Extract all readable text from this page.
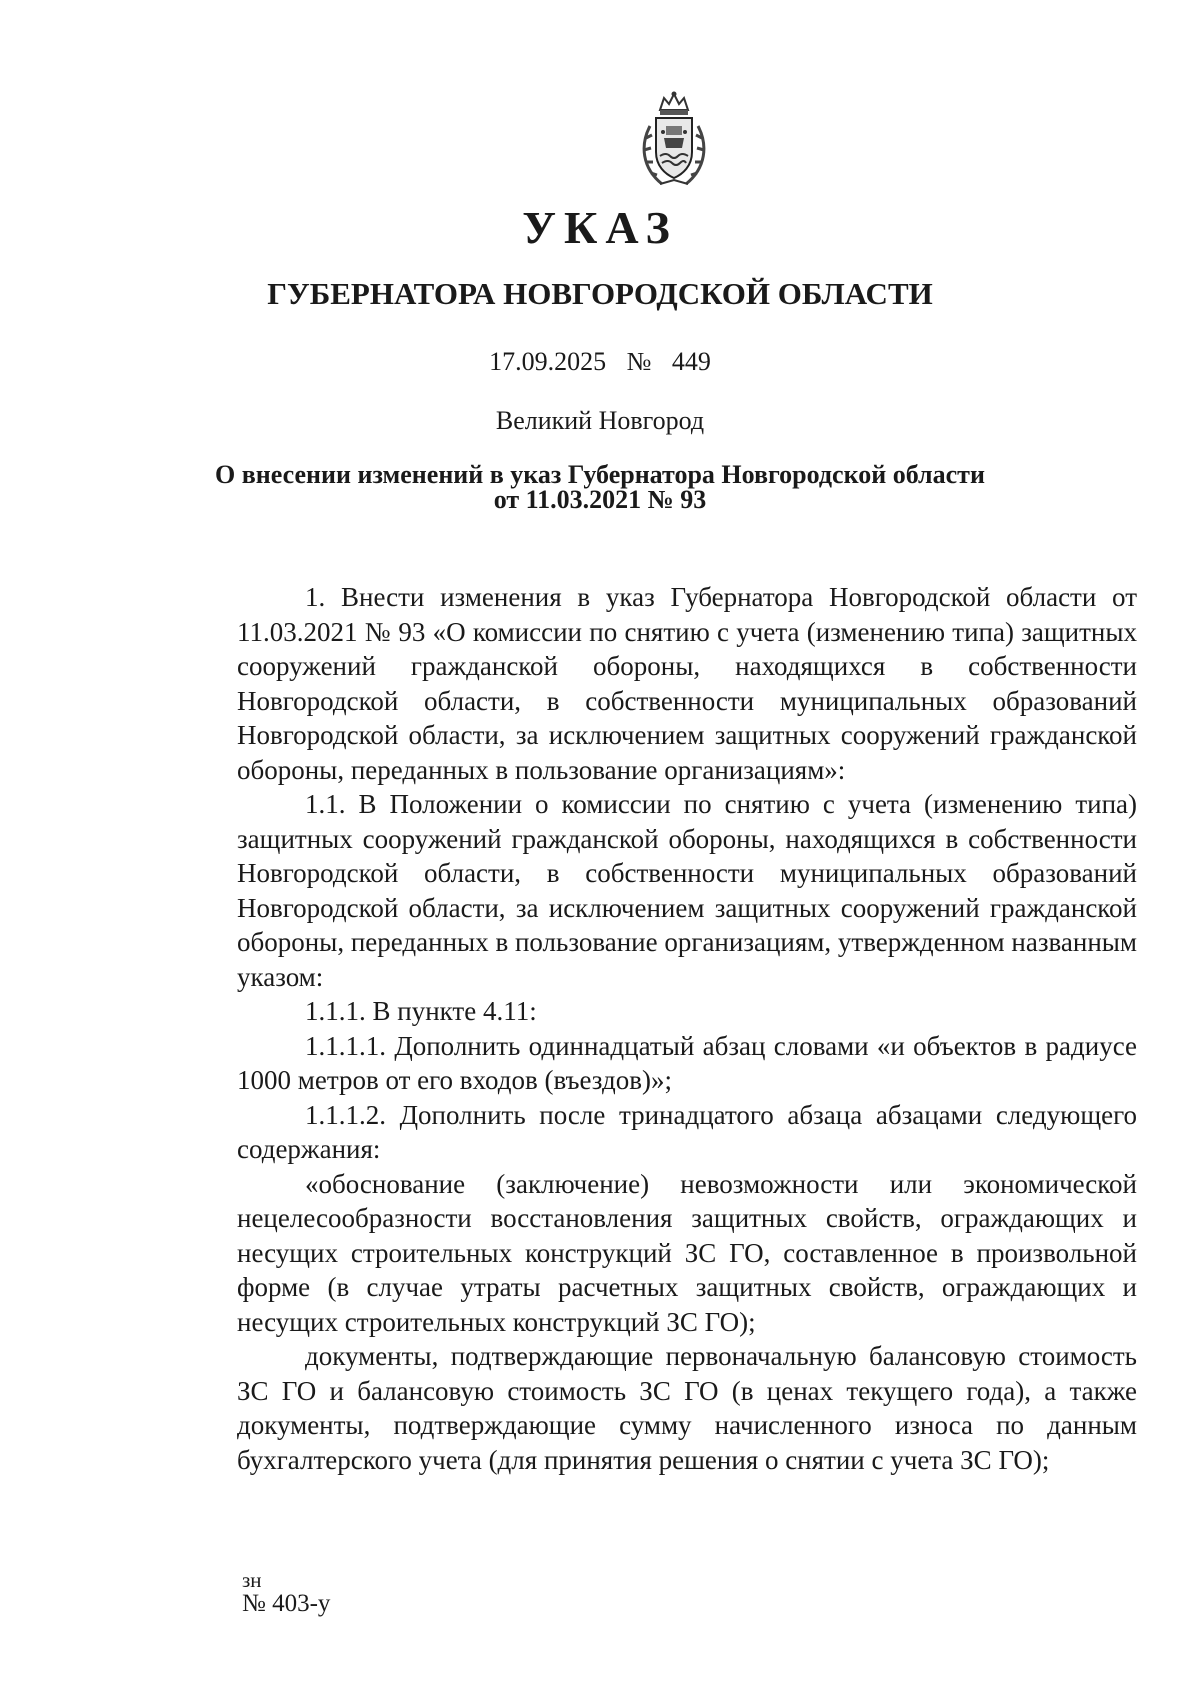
УКАЗ
ГУБЕРНАТОРА НОВГОРОДСКОЙ ОБЛАСТИ
17.09.2025 № 449
Великий Новгород
О внесении изменений в указ Губернатора Новгородской области
от 11.03.2021 № 93

1. Внести изменения в указ Губернатора Новгородской области от 11.03.2021 № 93 «О комиссии по снятию с учета (изменению типа) защитных сооружений гражданской обороны, находящихся в собственности Новгородской области, в собственности муниципальных образований Новгородской области, за исключением защитных сооружений гражданской обороны, переданных в пользование организациям»:

1.1. В Положении о комиссии по снятию с учета (изменению типа) защитных сооружений гражданской обороны, находящихся в собственности Новгородской области, в собственности муниципальных образований Новгородской области, за исключением защитных сооружений гражданской обороны, переданных в пользование организациям, утвержденном названным указом:

1.1.1. В пункте 4.11:

1.1.1.1. Дополнить одиннадцатый абзац словами «и объектов в радиусе 1000 метров от его входов (въездов)»;

1.1.1.2. Дополнить после тринадцатого абзаца абзацами следующего содержания:

«обоснование (заключение) невозможности или экономической нецелесообразности восстановления защитных свойств, ограждающих и несущих строительных конструкций ЗС ГО, составленное в произвольной форме (в случае утраты расчетных защитных свойств, ограждающих и несущих строительных конструкций ЗС ГО);

документы, подтверждающие первоначальную балансовую стоимость ЗС ГО и балансовую стоимость ЗС ГО (в ценах текущего года), а также документы, подтверждающие сумму начисленного износа по данным бухгалтерского учета (для принятия решения о снятии с учета ЗС ГО);

зн
№ 403-у
